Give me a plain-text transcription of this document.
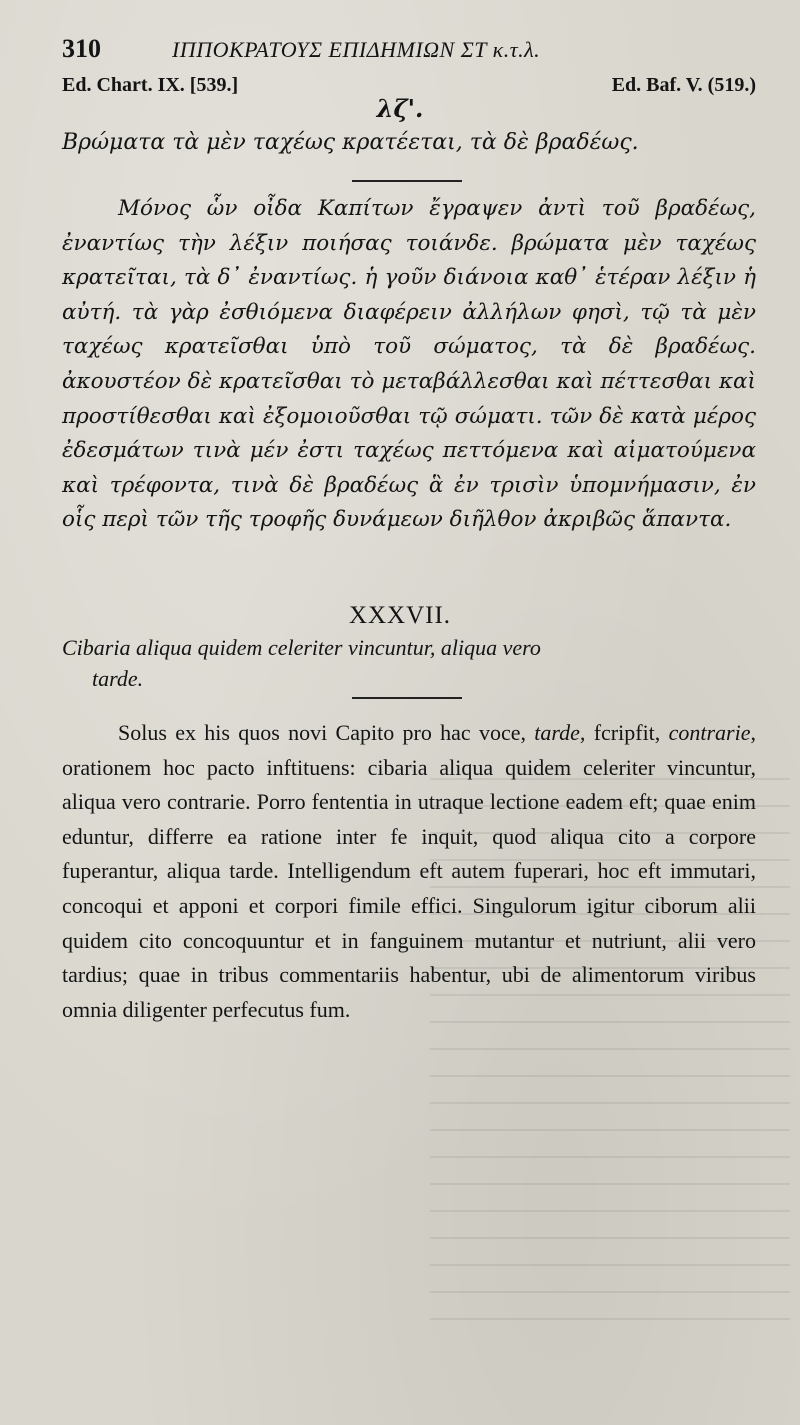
310	ΙΠΠΟΚΡΑΤΟΥΣ ΕΠΙΔΗΜΙΩΝ ΣΤ κ.τ.λ.
Ed. Chart. IX. [539.]	Ed. Baf. V. (519.)
λζ'.
Βρώματα τὰ μὲν ταχέως κρατέεται, τὰ δὲ βραδέως.
Μόνος ὧν οἶδα Καπίτων ἔγραψεν ἀντὶ τοῦ βραδέως, ἐναντίως τὴν λέξιν ποιήσας τοιάνδε. βρώματα μὲν ταχέως κρατεῖται, τὰ δ᾽ ἐναντίως. ἡ γοῦν διάνοια καθ᾽ ἑτέραν λέξιν ἡ αὐτή. τὰ γὰρ ἐσθιόμενα διαφέρειν ἀλλήλων φησὶ, τῷ τὰ μὲν ταχέως κρατεῖσθαι ὑπὸ τοῦ σώματος, τὰ δὲ βραδέως. ἀκουστέον δὲ κρατεῖσθαι τὸ μεταβάλλεσθαι καὶ πέττεσθαι καὶ προστίθεσθαι καὶ ἐξομοιοῦσθαι τῷ σώματι. τῶν δὲ κατὰ μέρος ἐδεσμάτων τινὰ μέν ἐστι ταχέως πεττόμενα καὶ αἱματούμενα καὶ τρέφοντα, τινὰ δὲ βραδέως ἃ ἐν τρισὶν ὑπομνήμασιν, ἐν οἷς περὶ τῶν τῆς τροφῆς δυνάμεων διῆλθον ἀκριβῶς ἅπαντα.
XXXVII.
Cibaria aliqua quidem celeriter vincuntur, aliqua vero
tarde.

Solus ex his quos novi Capito pro hac voce, tarde, fcripfit, contrarie, orationem hoc pacto inftituens: cibaria aliqua quidem celeriter vincuntur, aliqua vero contrarie. Porro fententia in utraque lectione eadem eft; quae enim eduntur, differre ea ratione inter fe inquit, quod aliqua cito a corpore fuperantur, aliqua tarde. Intelligendum eft autem fuperari, hoc eft immutari, concoqui et apponi et corpori fimile effici. Singulorum igitur ciborum alii quidem cito concoquuntur et in fanguinem mutantur et nutriunt, alii vero tardius; quae in tribus commentariis habentur, ubi de alimentorum viribus omnia diligenter perfecutus fum.
